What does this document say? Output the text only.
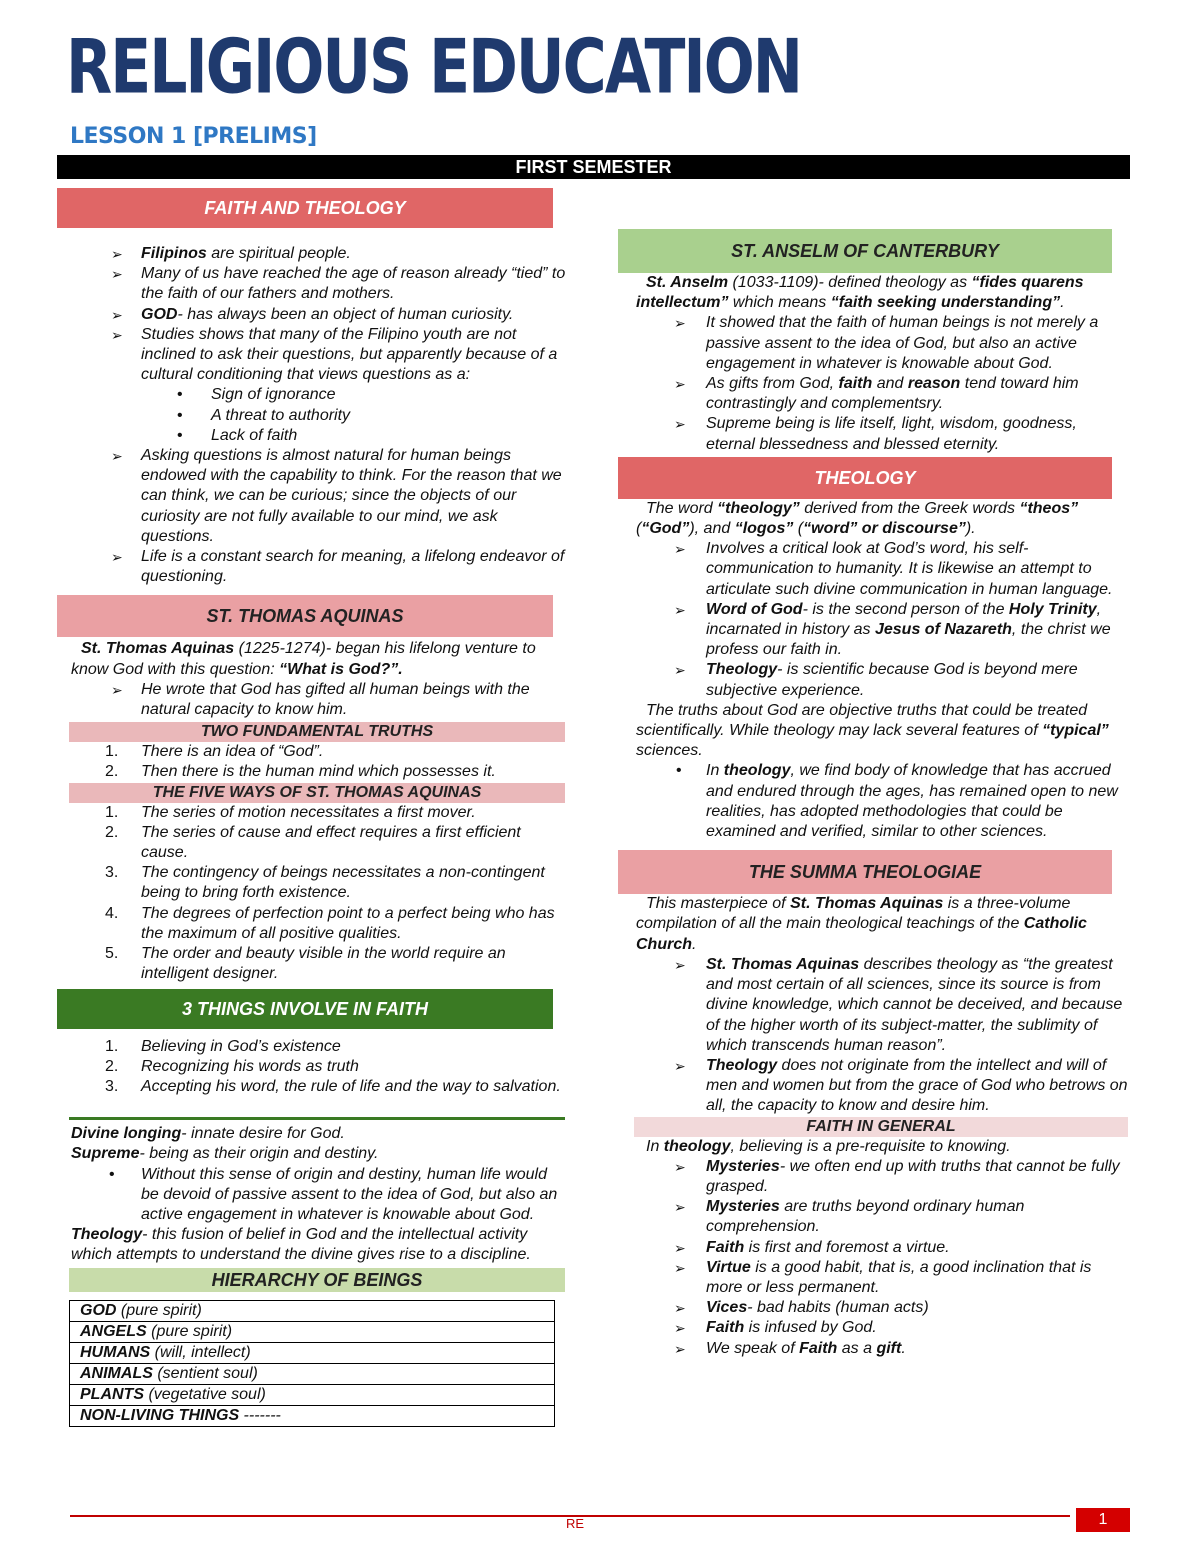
RELIGIOUS EDUCATION
LESSON 1 [PRELIMS]
FIRST SEMESTER
FAITH AND THEOLOGY
➢ Filipinos are spiritual people.
➢ Many of us have reached the age of reason already “tied” to the faith of our fathers and mothers.
➢ GOD- has always been an object of human curiosity.
➢ Studies shows that many of the Filipino youth are not inclined to ask their questions, but apparently because of a cultural conditioning that views questions as a:
• Sign of ignorance
• A threat to authority
• Lack of faith
➢ Asking questions is almost natural for human beings endowed with the capability to think. For the reason that we can think, we can be curious; since the objects of our curiosity are not fully available to our mind, we ask questions.
➢ Life is a constant search for meaning, a lifelong endeavor of questioning.
ST. THOMAS AQUINAS
St. Thomas Aquinas (1225-1274)- began his lifelong venture to know God with this question: “What is God?”.
➢ He wrote that God has gifted all human beings with the natural capacity to know him.
TWO FUNDAMENTAL TRUTHS
1. There is an idea of “God”.
2. Then there is the human mind which possesses it.
THE FIVE WAYS OF ST. THOMAS AQUINAS
1. The series of motion necessitates a first mover.
2. The series of cause and effect requires a first efficient cause.
3. The contingency of beings necessitates a non-contingent being to bring forth existence.
4. The degrees of perfection point to a perfect being who has the maximum of all positive qualities.
5. The order and beauty visible in the world require an intelligent designer.
3 THINGS INVOLVE IN FAITH
1. Believing in God’s existence
2. Recognizing his words as truth
3. Accepting his word, the rule of life and the way to salvation.
Divine longing- innate desire for God.
Supreme- being as their origin and destiny.
• Without this sense of origin and destiny, human life would be devoid of passive assent to the idea of God, but also an active engagement in whatever is knowable about God.
Theology- this fusion of belief in God and the intellectual activity which attempts to understand the divine gives rise to a discipline.
HIERARCHY OF BEINGS
GOD (pure spirit)
ANGELS (pure spirit)
HUMANS (will, intellect)
ANIMALS (sentient soul)
PLANTS (vegetative soul)
NON-LIVING THINGS -------
ST. ANSELM OF CANTERBURY
St. Anselm (1033-1109)- defined theology as “fides quarens intellectum” which means “faith seeking understanding”.
➢ It showed that the faith of human beings is not merely a passive assent to the idea of God, but also an active engagement in whatever is knowable about God.
➢ As gifts from God, faith and reason tend toward him contrastingly and complementsry.
➢ Supreme being is life itself, light, wisdom, goodness, eternal blessedness and blessed eternity.
THEOLOGY
The word “theology” derived from the Greek words “theos” (“God”), and “logos” (“word” or discourse”).
➢ Involves a critical look at God’s word, his self-communication to humanity. It is likewise an attempt to articulate such divine communication in human language.
➢ Word of God- is the second person of the Holy Trinity, incarnated in history as Jesus of Nazareth, the christ we profess our faith in.
➢ Theology- is scientific because God is beyond mere subjective experience.
The truths about God are objective truths that could be treated scientifically. While theology may lack several features of “typical” sciences.
• In theology, we find body of knowledge that has accrued and endured through the ages, has remained open to new realities, has adopted methodologies that could be examined and verified, similar to other sciences.
THE SUMMA THEOLOGIAE
This masterpiece of St. Thomas Aquinas is a three-volume compilation of all the main theological teachings of the Catholic Church.
➢ St. Thomas Aquinas describes theology as “the greatest and most certain of all sciences, since its source is from divine knowledge, which cannot be deceived, and because of the higher worth of its subject-matter, the sublimity of which transcends human reason”.
➢ Theology does not originate from the intellect and will of men and women but from the grace of God who betrows on all, the capacity to know and desire him.
FAITH IN GENERAL
In theology, believing is a pre-requisite to knowing.
➢ Mysteries- we often end up with truths that cannot be fully grasped.
➢ Mysteries are truths beyond ordinary human comprehension.
➢ Faith is first and foremost a virtue.
➢ Virtue is a good habit, that is, a good inclination that is more or less permanent.
➢ Vices- bad habits (human acts)
➢ Faith is infused by God.
➢ We speak of Faith as a gift.
RE	1
